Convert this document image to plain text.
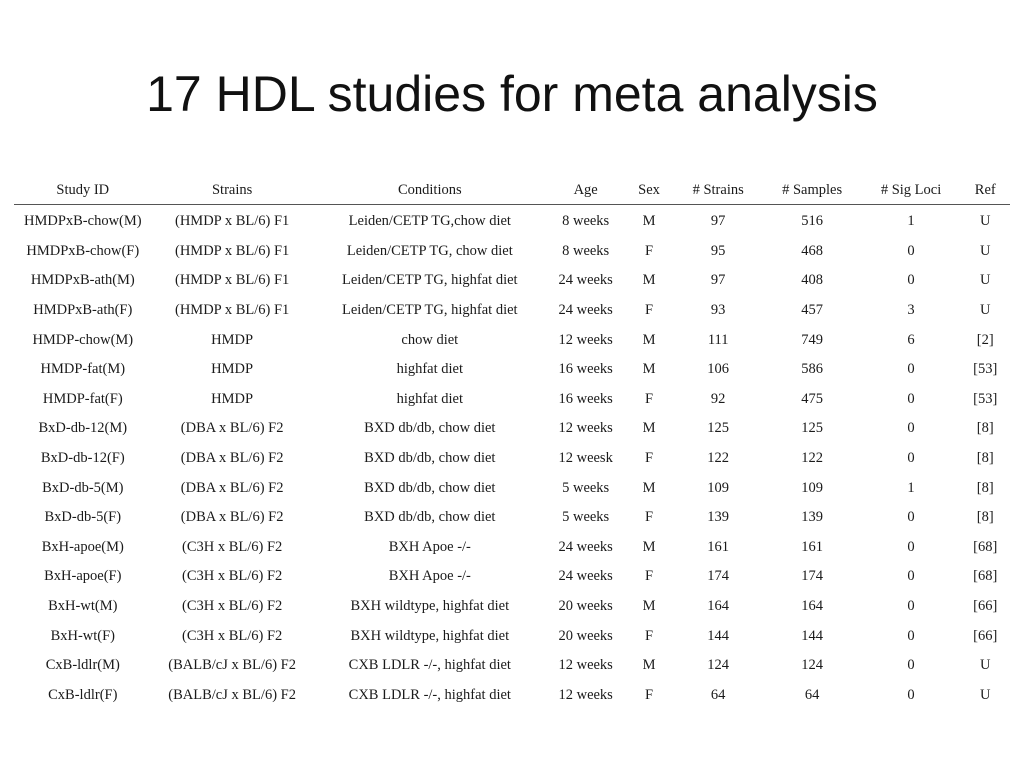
17 HDL studies for meta analysis
Study ID	Strains	Conditions	Age	Sex	# Strains	# Samples	# Sig Loci	Ref
HMDPxB-chow(M)	(HMDP x BL/6) F1	Leiden/CETP TG,chow diet	8 weeks	M	97	516	1	U
HMDPxB-chow(F)	(HMDP x BL/6) F1	Leiden/CETP TG, chow diet	8 weeks	F	95	468	0	U
HMDPxB-ath(M)	(HMDP x BL/6) F1	Leiden/CETP TG, highfat diet	24 weeks	M	97	408	0	U
HMDPxB-ath(F)	(HMDP x BL/6) F1	Leiden/CETP TG, highfat diet	24 weeks	F	93	457	3	U
HMDP-chow(M)	HMDP	chow diet	12 weeks	M	111	749	6	[2]
HMDP-fat(M)	HMDP	highfat diet	16 weeks	M	106	586	0	[53]
HMDP-fat(F)	HMDP	highfat diet	16 weeks	F	92	475	0	[53]
BxD-db-12(M)	(DBA x BL/6) F2	BXD db/db, chow diet	12 weeks	M	125	125	0	[8]
BxD-db-12(F)	(DBA x BL/6) F2	BXD db/db, chow diet	12 weesk	F	122	122	0	[8]
BxD-db-5(M)	(DBA x BL/6) F2	BXD db/db, chow diet	5 weeks	M	109	109	1	[8]
BxD-db-5(F)	(DBA x BL/6) F2	BXD db/db, chow diet	5 weeks	F	139	139	0	[8]
BxH-apoe(M)	(C3H x BL/6) F2	BXH Apoe -/-	24 weeks	M	161	161	0	[68]
BxH-apoe(F)	(C3H x BL/6) F2	BXH Apoe -/-	24 weeks	F	174	174	0	[68]
BxH-wt(M)	(C3H x BL/6) F2	BXH wildtype, highfat diet	20 weeks	M	164	164	0	[66]
BxH-wt(F)	(C3H x BL/6) F2	BXH wildtype, highfat diet	20 weeks	F	144	144	0	[66]
CxB-ldlr(M)	(BALB/cJ x BL/6) F2	CXB LDLR -/-, highfat diet	12 weeks	M	124	124	0	U
CxB-ldlr(F)	(BALB/cJ x BL/6) F2	CXB LDLR -/-, highfat diet	12 weeks	F	64	64	0	U
